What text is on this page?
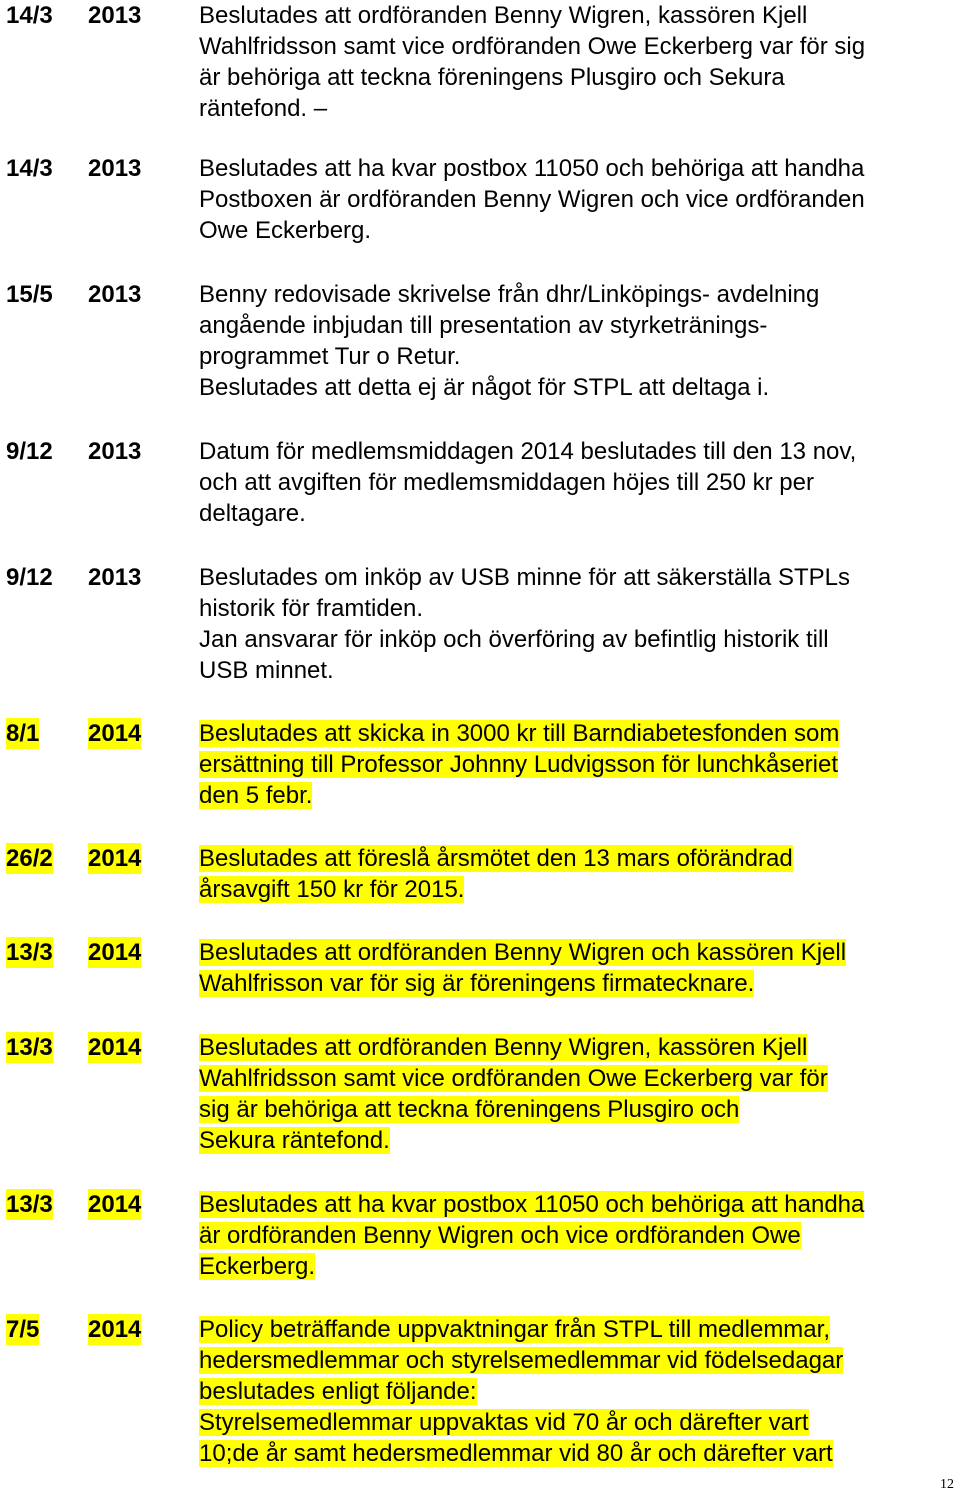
14/3 2013 Beslutades att ordföranden Benny Wigren, kassören Kjell
Wahlfridsson samt vice ordföranden Owe Eckerberg var för sig
är behöriga att teckna föreningens Plusgiro och Sekura
räntefond. –
14/3 2013 Beslutades att ha kvar postbox 11050 och behöriga att handha
Postboxen är ordföranden Benny Wigren och vice ordföranden
Owe Eckerberg.
15/5 2013 Benny redovisade skrivelse från dhr/Linköpings- avdelning
angående inbjudan till presentation av styrketränings-
programmet Tur o Retur.
Beslutades att detta ej är något för STPL att deltaga i.
9/12 2013 Datum för medlemsmiddagen 2014 beslutades till den 13 nov,
och att avgiften för medlemsmiddagen höjes till 250 kr per
deltagare.
9/12 2013 Beslutades om inköp av USB minne för att säkerställa STPLs
historik för framtiden.
Jan ansvarar för inköp och överföring av befintlig historik till
USB minnet.
8/1 2014 Beslutades att skicka in 3000 kr till Barndiabetesfonden som
ersättning till Professor Johnny Ludvigsson för lunchkåseriet
den 5 febr.
26/2 2014 Beslutades att föreslå årsmötet den 13 mars oförändrad
årsavgift 150 kr för 2015.
13/3 2014 Beslutades att ordföranden Benny Wigren och kassören Kjell
Wahlfrisson var för sig är föreningens firmatecknare.
13/3 2014 Beslutades att ordföranden Benny Wigren, kassören Kjell
Wahlfridsson samt vice ordföranden Owe Eckerberg var för
sig är behöriga att teckna föreningens Plusgiro och
Sekura räntefond.
13/3 2014 Beslutades att ha kvar postbox 11050 och behöriga att handha
är ordföranden Benny Wigren och vice ordföranden Owe
Eckerberg.
7/5 2014 Policy beträffande uppvaktningar från STPL till medlemmar,
hedersmedlemmar och styrelsemedlemmar vid födelsedagar
beslutades enligt följande:
Styrelsemedlemmar uppvaktas vid 70 år och därefter vart
10;de år samt hedersmedlemmar vid 80 år och därefter vart
12
